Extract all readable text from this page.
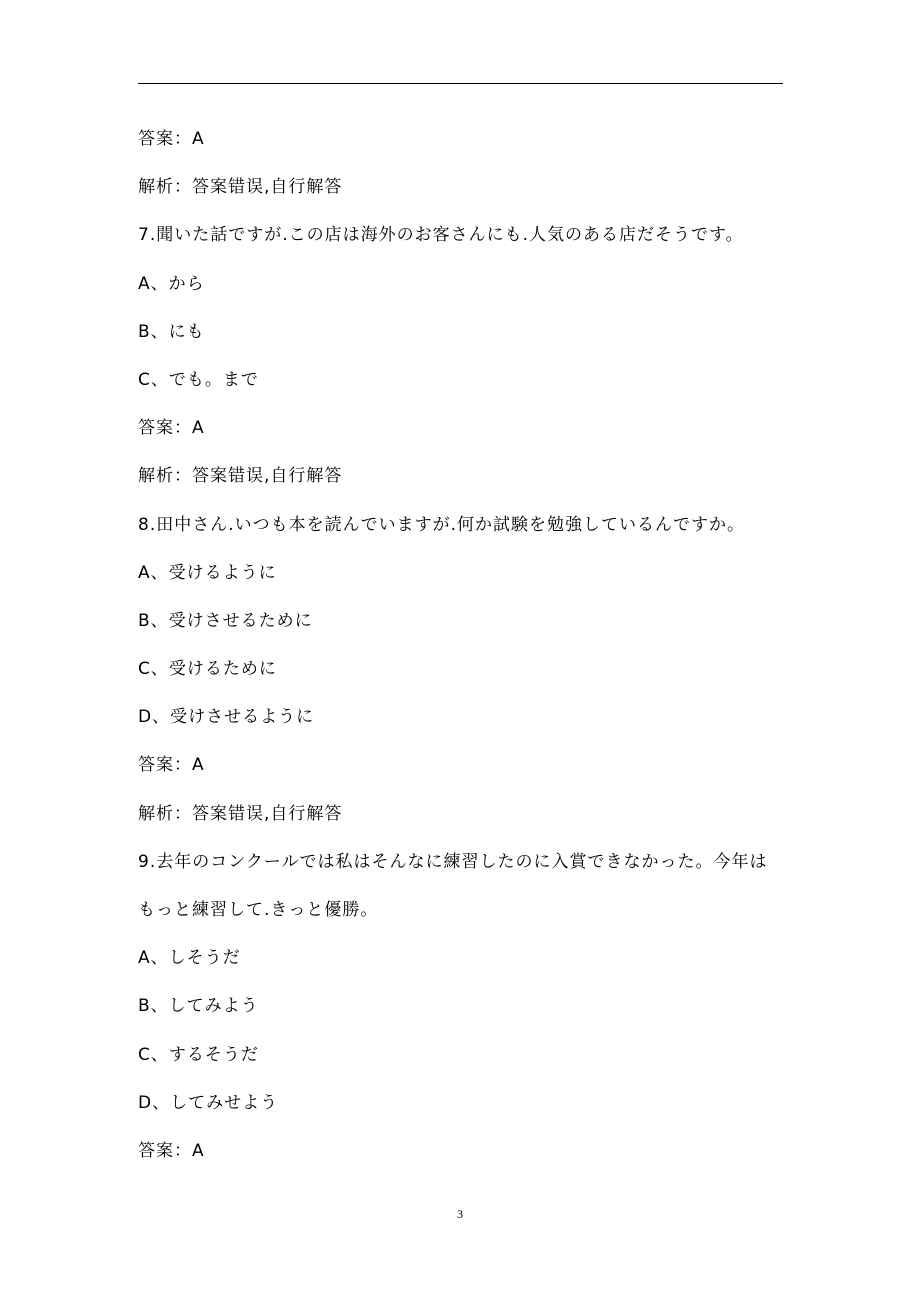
答案：A
解析：答案错误,自行解答
7.聞いた話ですが.この店は海外のお客さんにも.人気のある店だそうです。
A、から
B、にも
C、でも。まで
答案：A
解析：答案错误,自行解答
8.田中さん.いつも本を読んでいますが.何か試験を勉強しているんですか。
A、受けるように
B、受けさせるために
C、受けるために
D、受けさせるように
答案：A
解析：答案错误,自行解答
9.去年のコンクールでは私はそんなに練習したのに入賞できなかった。今年は
もっと練習して.きっと優勝。
A、しそうだ
B、してみよう
C、するそうだ
D、してみせよう
答案：A
3
